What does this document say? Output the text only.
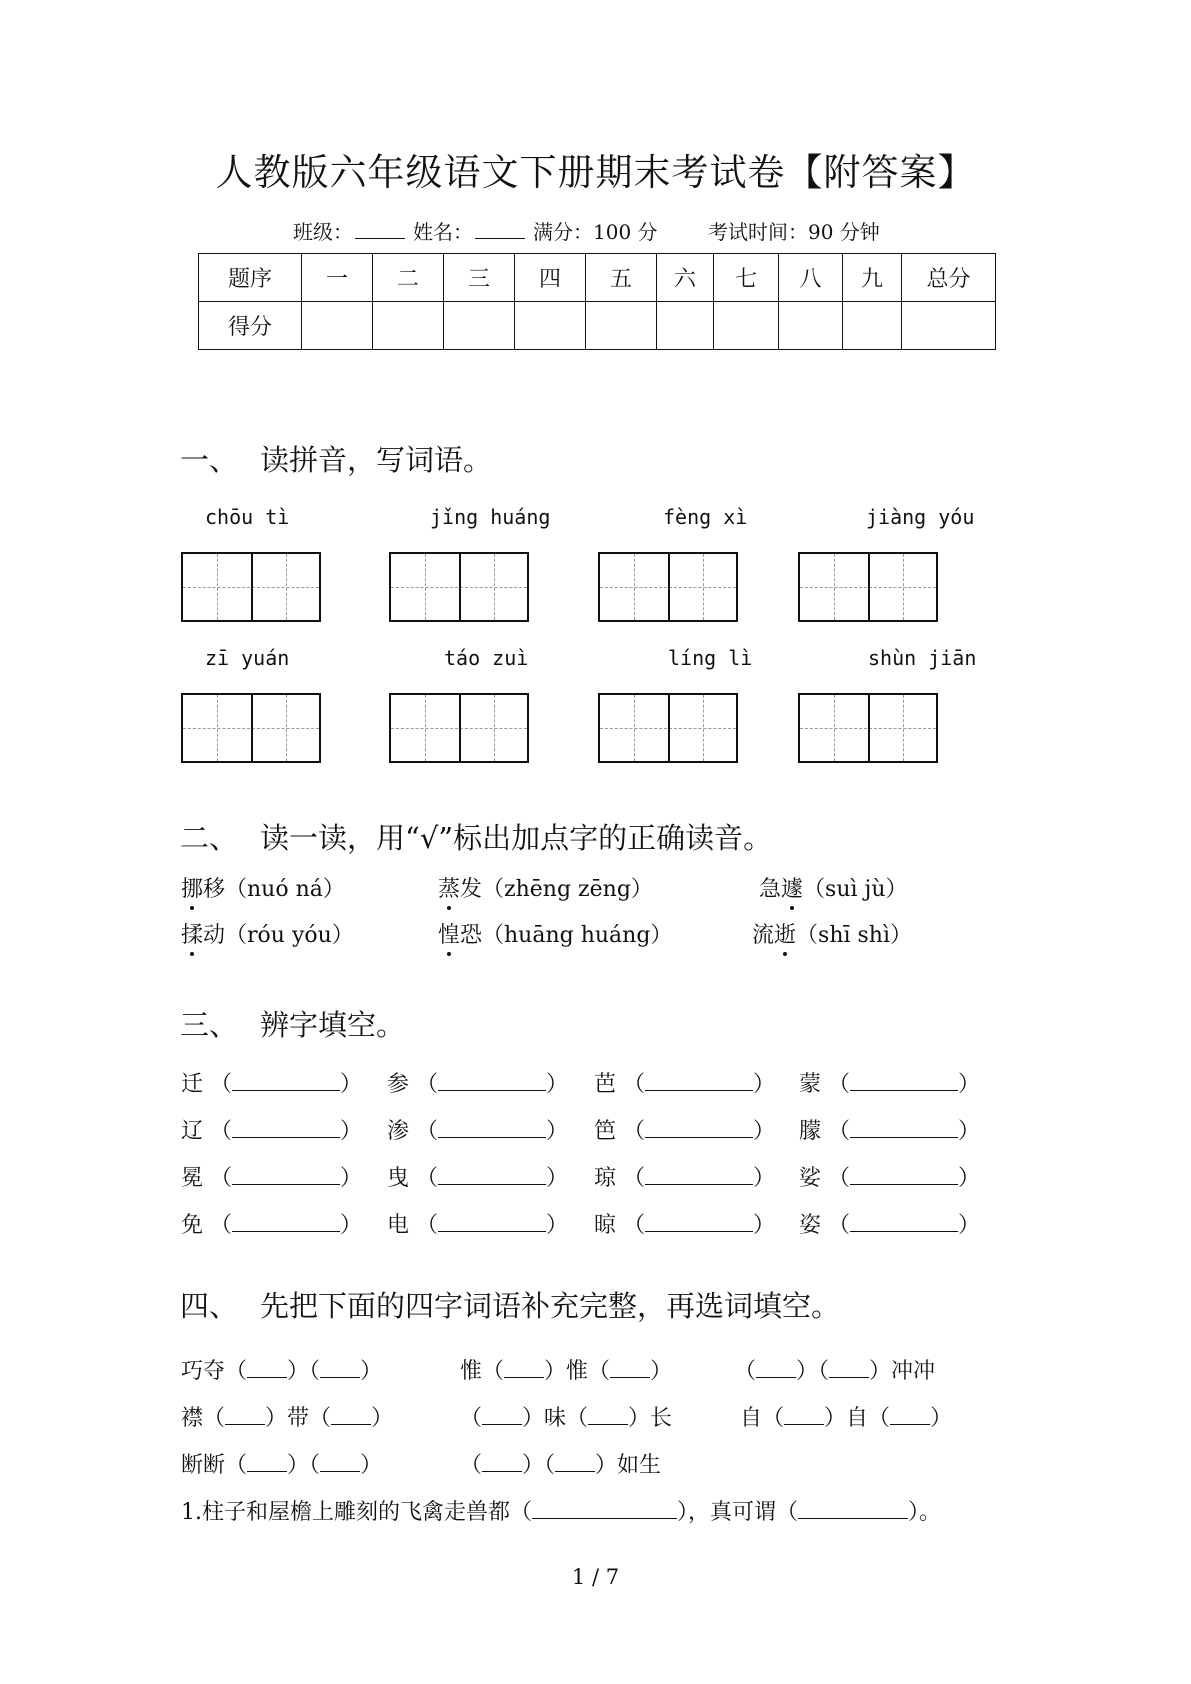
人教版六年级语文下册期末考试卷【附答案】
班级：	姓名：	满分：100 分	考试时间：90 分钟
题序	一	二	三	四	五	六	七	八	九	总分
得分										
一、 读拼音，写词语。
chōu tì	jǐng huáng	fèng xì	jiàng yóu
zī yuán	táo zuì	líng lì	shùn jiān
二、 读一读，用“√”标出加点字的正确读音。
挪移（nuó ná）	蒸发（zhēng zēng）	急遽（suì jù）
揉动（róu yóu）	惶恐（huāng huáng）	流逝（shī shì）
三、 辨字填空。
迁 （	） 参 （	） 芭 （	） 蒙 （	）
辽 （	） 渗 （	） 笆 （	） 朦 （	）
冕 （	） 曳 （	） 琼 （	） 娑 （	）
免 （	） 电 （	） 晾 （	） 姿 （	）
四、 先把下面的四字词语补充完整，再选词填空。
巧夺（ ）（ ）	惟（ ）惟（ ）	（ ）（ ）冲冲
襟（ ）带（ ）	（ ）味（ ）长	自（ ）自（ ）
断断（ ）（ ）	（ ）（ ）如生
1.柱子和屋檐上雕刻的飞禽走兽都（	），真可谓（	）。
1 / 7
